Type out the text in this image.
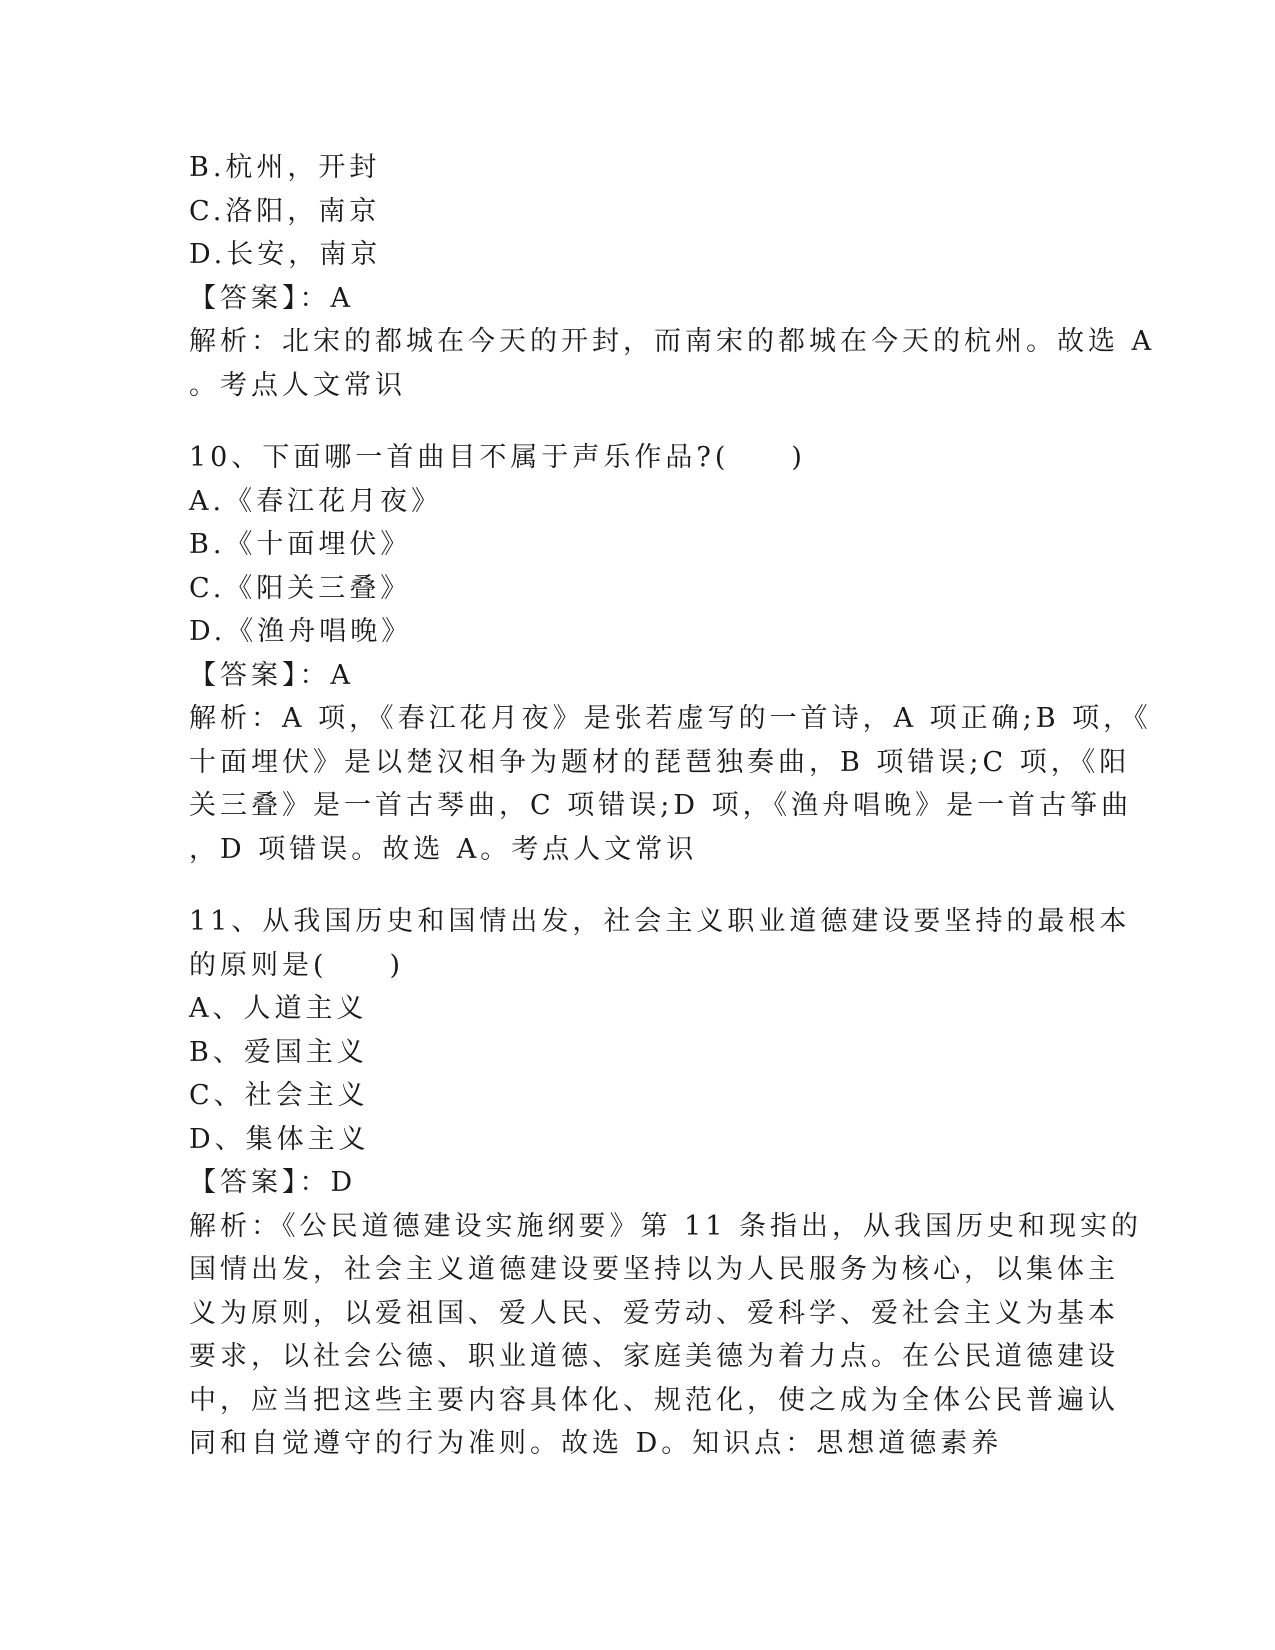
B.杭州，开封

C.洛阳，南京

D.长安，南京

【答案】：A

解析：北宋的都城在今天的开封，而南宋的都城在今天的杭州。故选 A

。考点人文常识

10、下面哪一首曲目不属于声乐作品?(　　)

A.《春江花月夜》

B.《十面埋伏》

C.《阳关三叠》

D.《渔舟唱晚》

【答案】：A

解析：A 项，《春江花月夜》是张若虚写的一首诗，A 项正确;B 项，《

十面埋伏》是以楚汉相争为题材的琵琶独奏曲，B 项错误;C 项，《阳

关三叠》是一首古琴曲，C 项错误;D 项，《渔舟唱晚》是一首古筝曲

，D 项错误。故选 A。考点人文常识

11、从我国历史和国情出发，社会主义职业道德建设要坚持的最根本

的原则是(　　)

A、人道主义

B、爱国主义

C、社会主义

D、集体主义

【答案】：D

解析：《公民道德建设实施纲要》第 11 条指出，从我国历史和现实的

国情出发，社会主义道德建设要坚持以为人民服务为核心，以集体主

义为原则，以爱祖国、爱人民、爱劳动、爱科学、爱社会主义为基本

要求，以社会公德、职业道德、家庭美德为着力点。在公民道德建设

中，应当把这些主要内容具体化、规范化，使之成为全体公民普遍认

同和自觉遵守的行为准则。故选 D。知识点：思想道德素养
